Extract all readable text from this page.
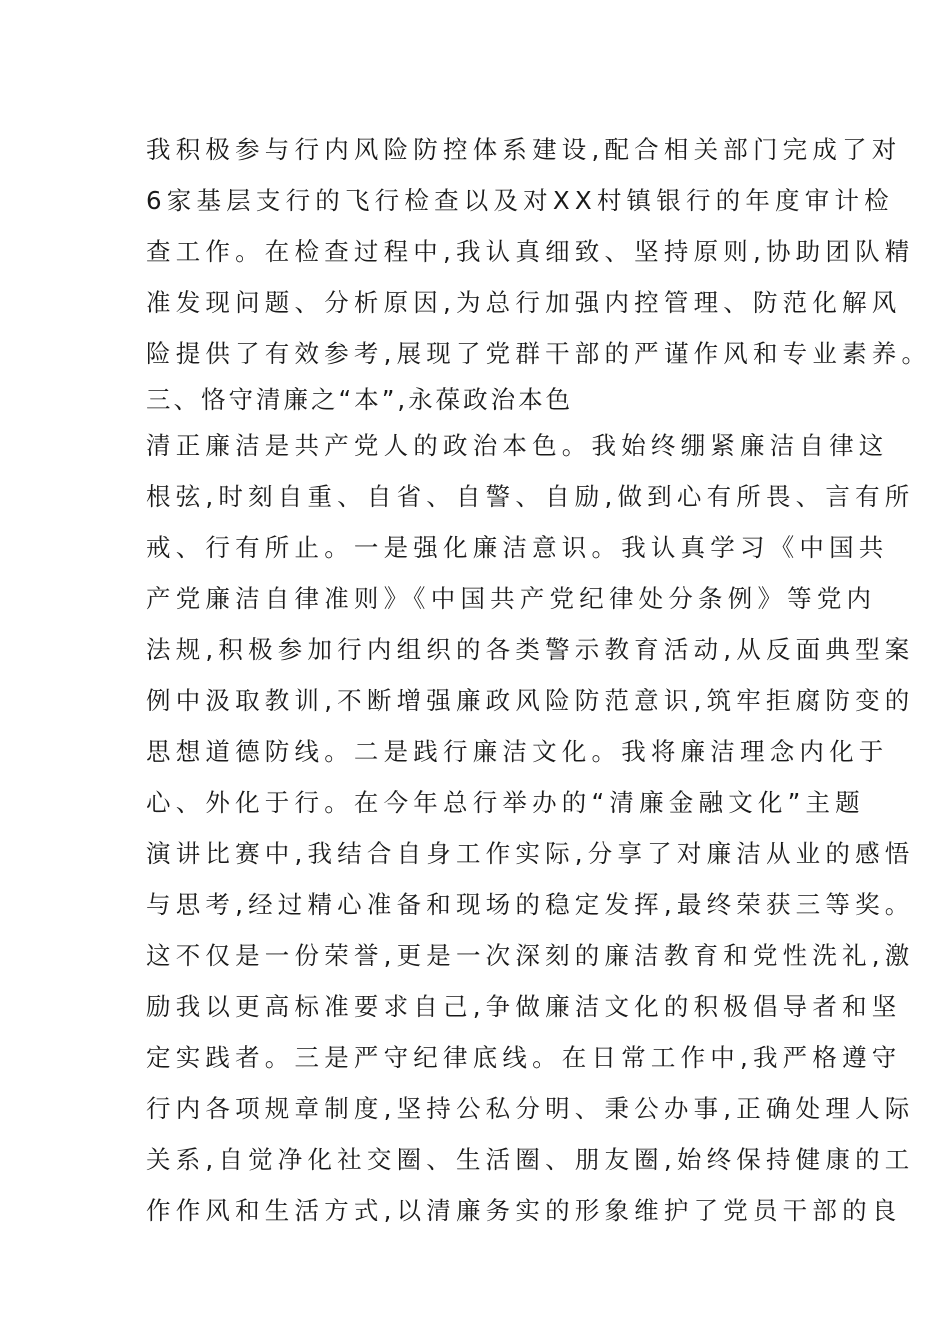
我积极参与行内风险防控体系建设,配合相关部门完成了对
6家基层支行的飞行检查以及对XX村镇银行的年度审计检
查工作。在检查过程中,我认真细致、坚持原则,协助团队精
准发现问题、分析原因,为总行加强内控管理、防范化解风
险提供了有效参考,展现了党群干部的严谨作风和专业素养。
三、恪守清廉之“本”,永葆政治本色
清正廉洁是共产党人的政治本色。我始终绷紧廉洁自律这
根弦,时刻自重、自省、自警、自励,做到心有所畏、言有所
戒、行有所止。一是强化廉洁意识。我认真学习《中国共
产党廉洁自律准则》《中国共产党纪律处分条例》等党内
法规,积极参加行内组织的各类警示教育活动,从反面典型案
例中汲取教训,不断增强廉政风险防范意识,筑牢拒腐防变的
思想道德防线。二是践行廉洁文化。我将廉洁理念内化于
心、外化于行。在今年总行举办的“清廉金融文化”主题
演讲比赛中,我结合自身工作实际,分享了对廉洁从业的感悟
与思考,经过精心准备和现场的稳定发挥,最终荣获三等奖。
这不仅是一份荣誉,更是一次深刻的廉洁教育和党性洗礼,激
励我以更高标准要求自己,争做廉洁文化的积极倡导者和坚
定实践者。三是严守纪律底线。在日常工作中,我严格遵守
行内各项规章制度,坚持公私分明、秉公办事,正确处理人际
关系,自觉净化社交圈、生活圈、朋友圈,始终保持健康的工
作作风和生活方式,以清廉务实的形象维护了党员干部的良
